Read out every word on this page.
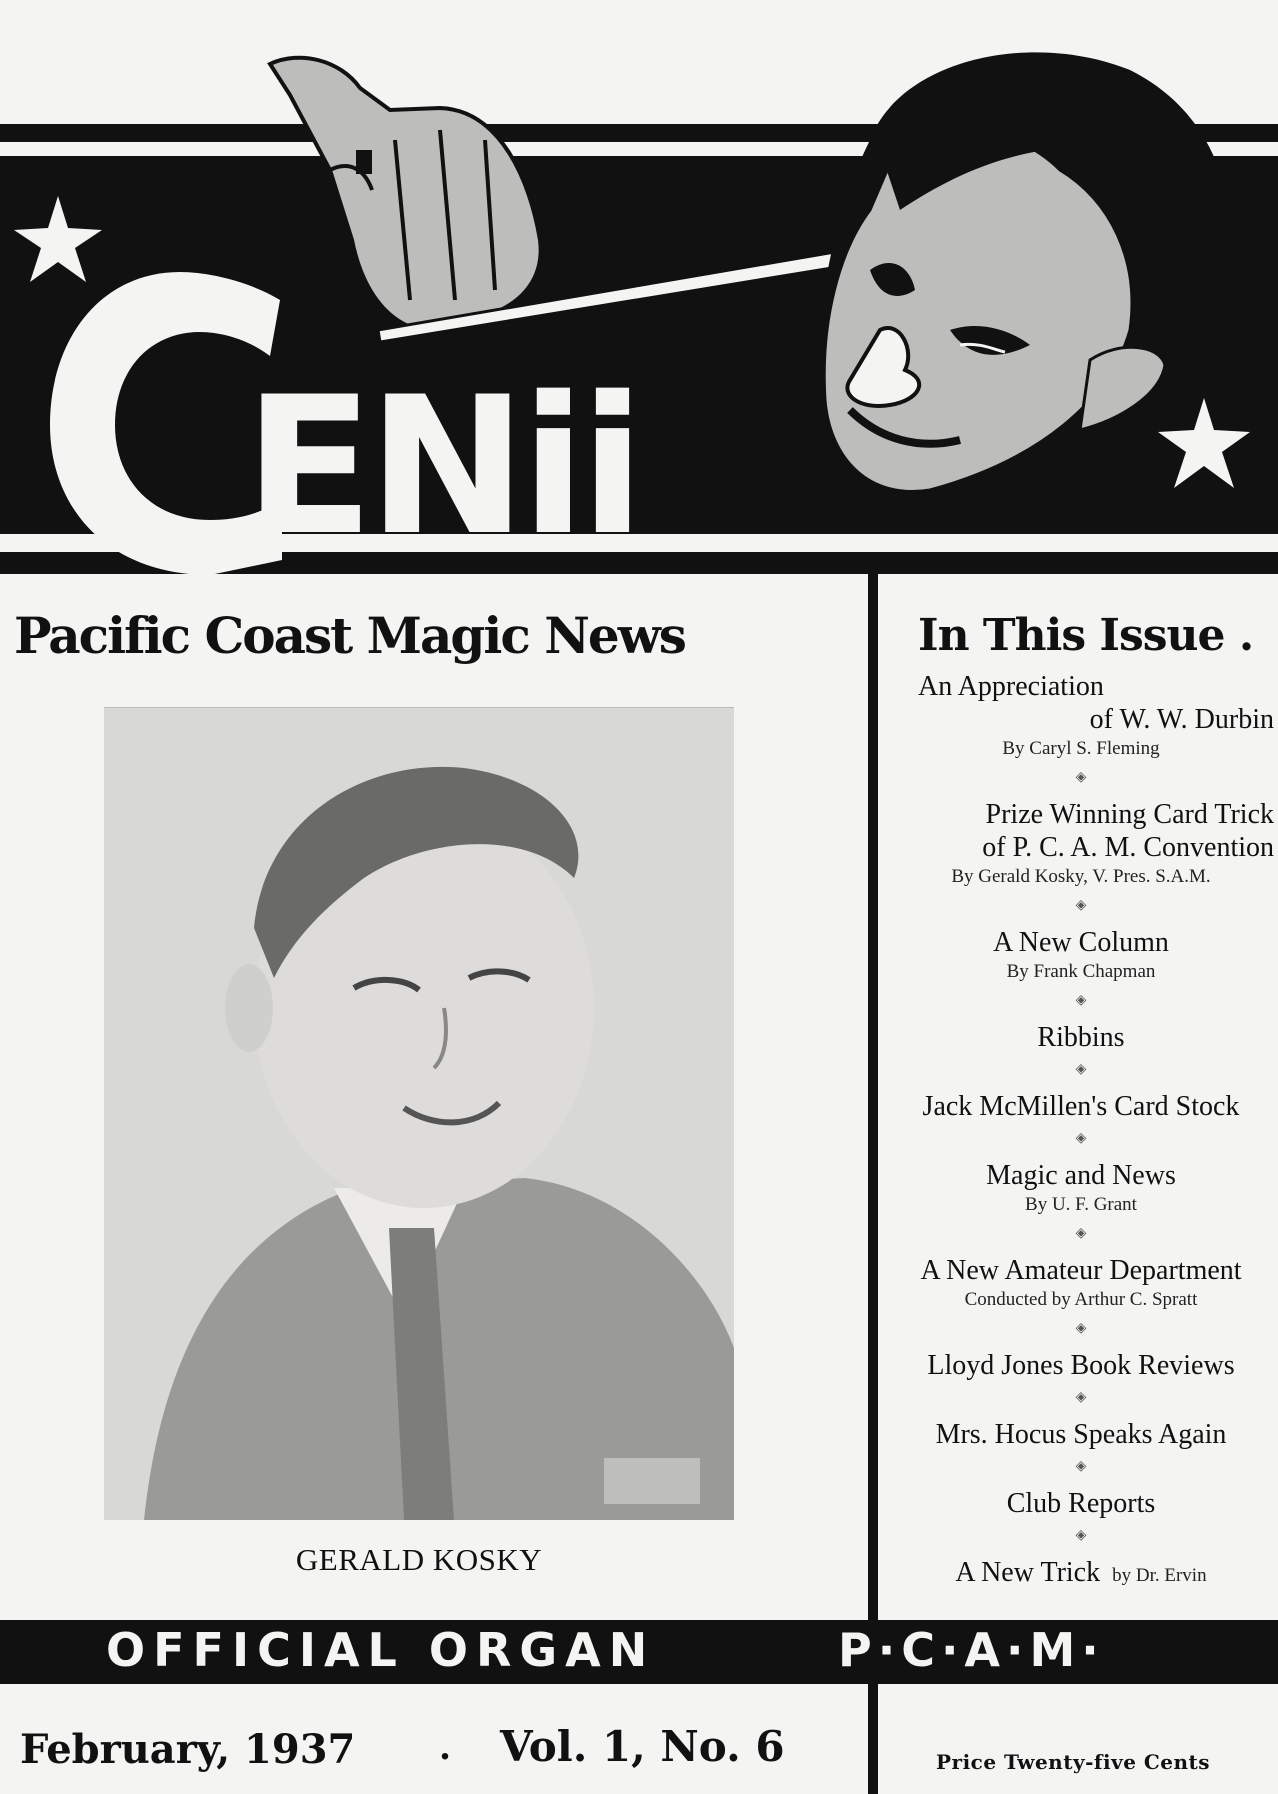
ENii
Pacific Coast Magic News
GERALD KOSKY
In This Issue .
An Appreciation
of W. W. Durbin
By Caryl S. Fleming
◈
Prize Winning Card Trick
of P. C. A. M. Convention
By Gerald Kosky, V. Pres. S.A.M.
◈
A New Column
By Frank Chapman
◈
Ribbins
◈
Jack McMillen's Card Stock
◈
Magic and News
By U. F. Grant
◈
A New Amateur Department
Conducted by Arthur C. Spratt
◈
Lloyd Jones Book Reviews
◈
Mrs. Hocus Speaks Again
◈
Club Reports
◈
A New Trick by Dr. Ervin
OFFICIAL ORGAN	P·C·A·M·
February, 1937 . Vol. 1, No. 6	Price Twenty-five Cents
